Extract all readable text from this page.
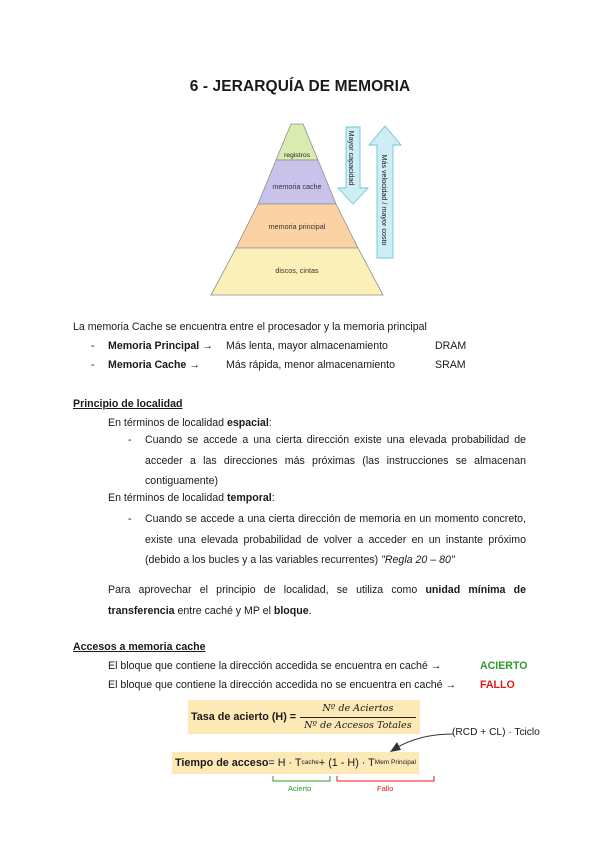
6 - JERARQUÍA DE MEMORIA
registros
memoria cache
memoria principal
discos, cintas
Mayor capacidad	Más velocidad / mayor costo
La memoria Cache se encuentra entre el procesador y la memoria principal
- Memoria Principal → Más lenta, mayor almacenamiento	DRAM
- Memoria Cache → Más rápida, menor almacenamiento	SRAM
Principio de localidad
En términos de localidad espacial:
- Cuando se accede a una cierta dirección existe una elevada probabilidad de acceder a las direcciones más próximas (las instrucciones se almacenan contiguamente)
En términos de localidad temporal:
- Cuando se accede a una cierta dirección de memoria en un momento concreto, existe una elevada probabilidad de volver a acceder en un instante próximo (debido a los bucles y a las variables recurrentes) "Regla 20 – 80"
Para aprovechar el principio de localidad, se utiliza como unidad mínima de transferencia entre caché y MP el bloque.
Accesos a memoria cache
El bloque que contiene la dirección accedida se encuentra en caché →	ACIERTO
El bloque que contiene la dirección accedida no se encuentra en caché → FALLO
Tasa de acierto $(H) = \frac{\text{Nº de Aciertos}}{\text{Nº de Accesos Totales}}$	(RCD + CL) · Tciclo
Tiempo de acceso = H · T cache + (1 - H) · T Mem Principal
Acierto	Fallo
